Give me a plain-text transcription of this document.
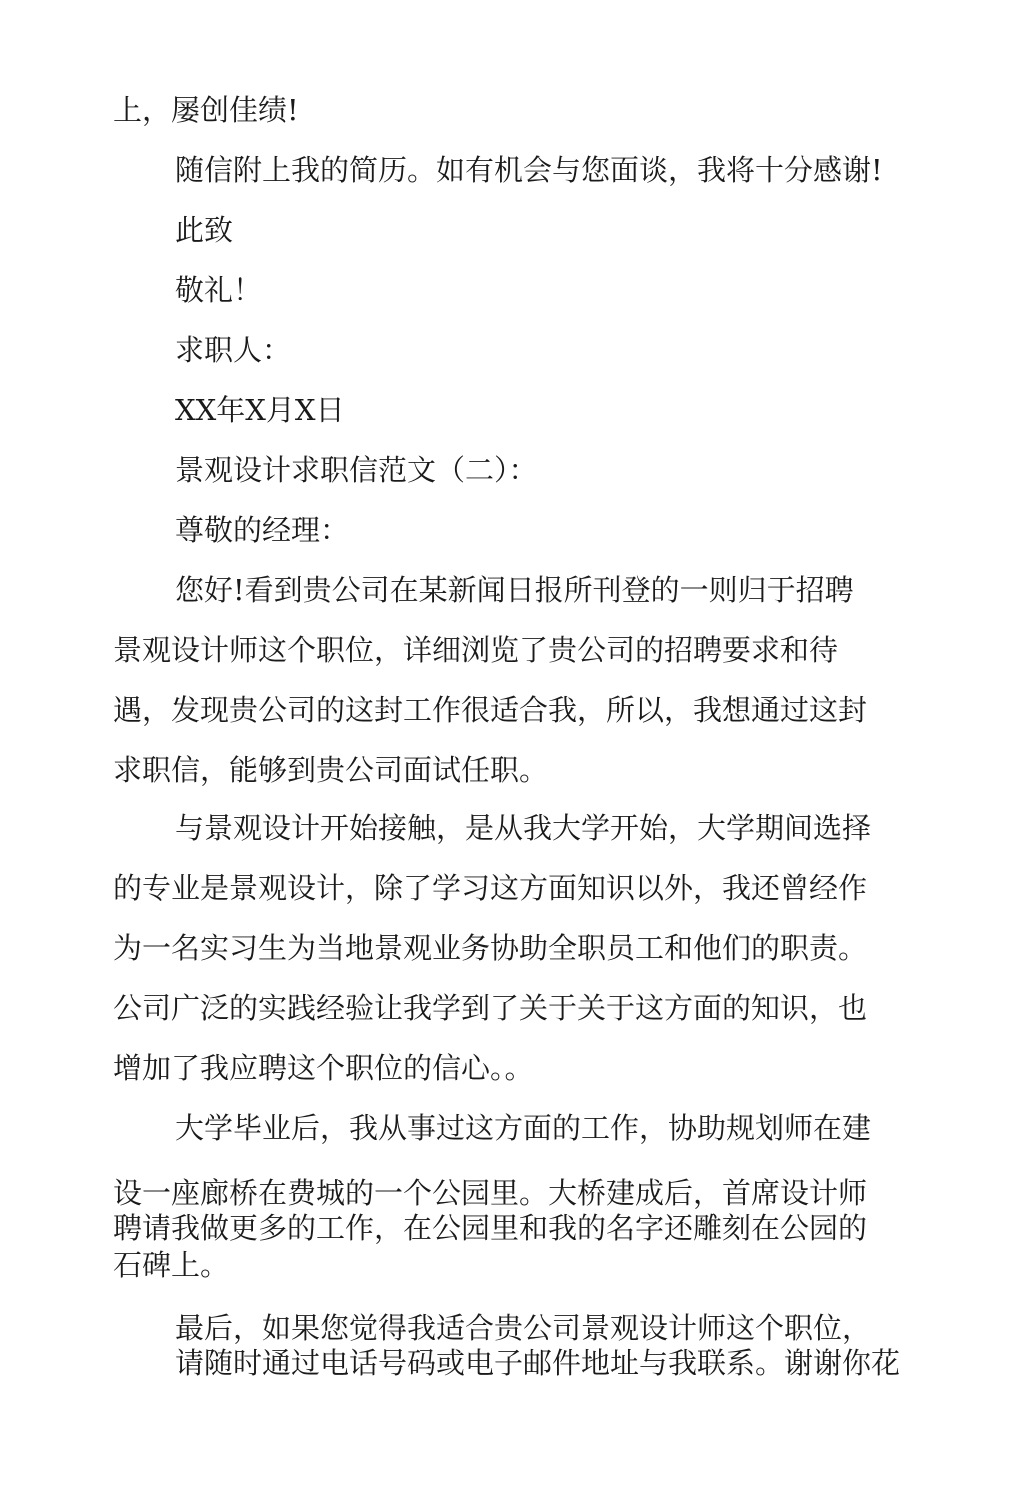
上，屡创佳绩!
随信附上我的简历。如有机会与您面谈，我将十分感谢!
此致
敬礼！
求职人：
XX年X月X日
景观设计求职信范文（二）：
尊敬的经理：
您好!看到贵公司在某新闻日报所刊登的一则归于招聘
景观设计师这个职位，详细浏览了贵公司的招聘要求和待
遇，发现贵公司的这封工作很适合我，所以，我想通过这封
求职信，能够到贵公司面试任职。
与景观设计开始接触，是从我大学开始，大学期间选择
的专业是景观设计，除了学习这方面知识以外，我还曾经作
为一名实习生为当地景观业务协助全职员工和他们的职责。
公司广泛的实践经验让我学到了关于关于这方面的知识，也
增加了我应聘这个职位的信心。。
大学毕业后，我从事过这方面的工作，协助规划师在建
设一座廊桥在费城的一个公园里。大桥建成后，首席设计师
聘请我做更多的工作，在公园里和我的名字还雕刻在公园的
石碑上。
最后，如果您觉得我适合贵公司景观设计师这个职位，
请随时通过电话号码或电子邮件地址与我联系。谢谢你花
